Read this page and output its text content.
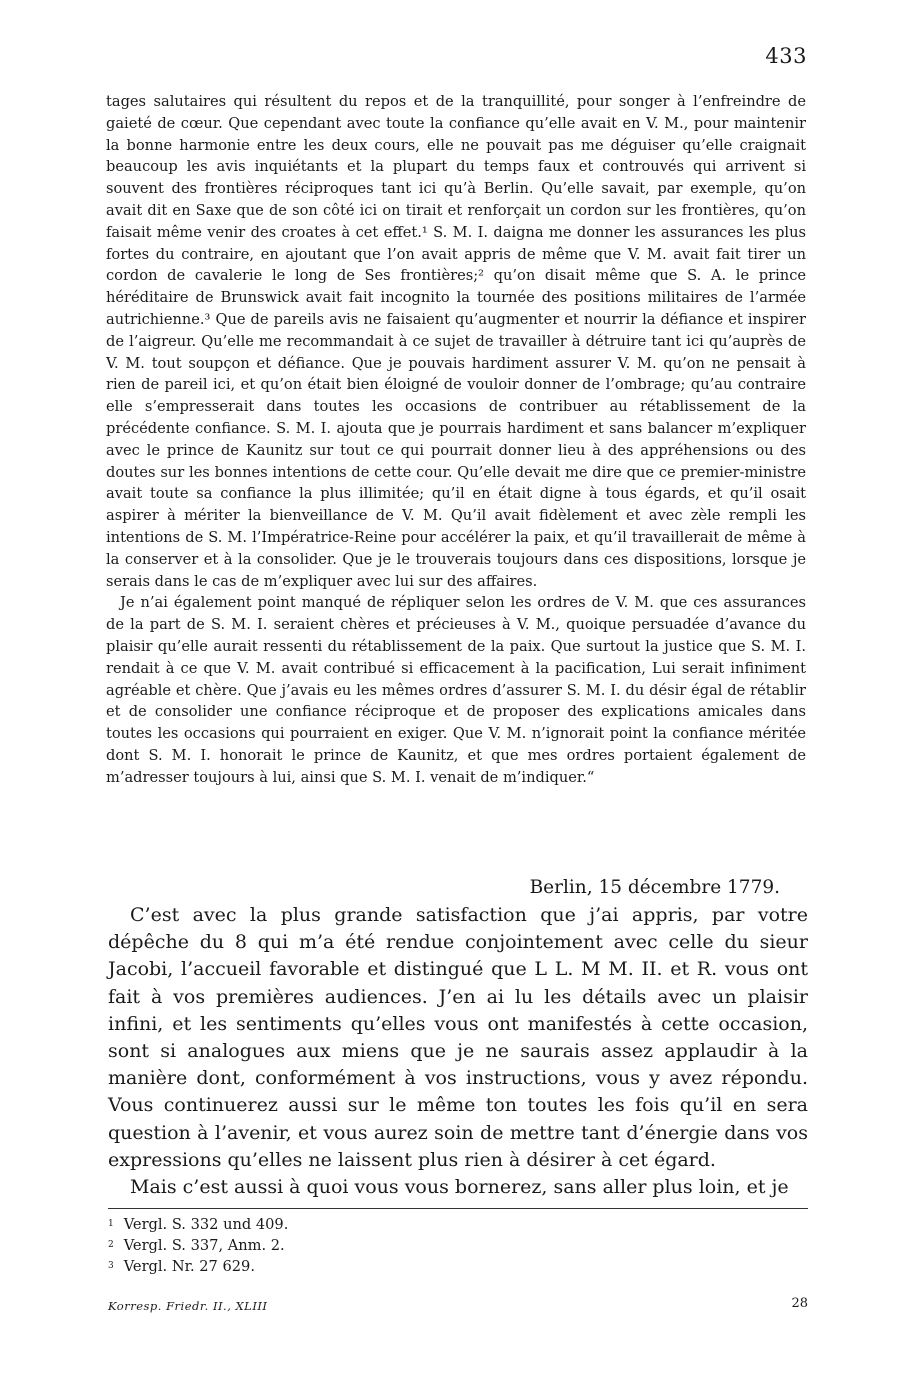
433

tages salutaires qui résultent du repos et de la tranquillité, pour songer à l’enfreindre de gaieté de cœur. Que cependant avec toute la confiance qu’elle avait en V. M., pour maintenir la bonne harmonie entre les deux cours, elle ne pouvait pas me déguiser qu’elle craignait beaucoup les avis inquiétants et la plupart du temps faux et controuvés qui arrivent si souvent des frontières réciproques tant ici qu’à Berlin. Qu’elle savait, par exemple, qu’on avait dit en Saxe que de son côté ici on tirait et renforçait un cordon sur les frontières, qu’on faisait même venir des croates à cet effet.¹ S. M. I. daigna me donner les assurances les plus fortes du contraire, en ajoutant que l’on avait appris de même que V. M. avait fait tirer un cordon de cavalerie le long de Ses frontières;² qu’on disait même que S. A. le prince héréditaire de Brunswick avait fait incognito la tournée des positions militaires de l’armée autrichienne.³ Que de pareils avis ne faisaient qu’augmenter et nourrir la défiance et inspirer de l’aigreur. Qu’elle me recommandait à ce sujet de travailler à détruire tant ici qu’auprès de V. M. tout soupçon et défiance. Que je pouvais hardiment assurer V. M. qu’on ne pensait à rien de pareil ici, et qu’on était bien éloigné de vouloir donner de l’ombrage; qu’au contraire elle s’empresserait dans toutes les occasions de contribuer au rétablissement de la précédente confiance. S. M. I. ajouta que je pourrais hardiment et sans balancer m’expliquer avec le prince de Kaunitz sur tout ce qui pourrait donner lieu à des appréhensions ou des doutes sur les bonnes intentions de cette cour. Qu’elle devait me dire que ce premier-ministre avait toute sa confiance la plus illimitée; qu’il en était digne à tous égards, et qu’il osait aspirer à mériter la bienveillance de V. M. Qu’il avait fidèlement et avec zèle rempli les intentions de S. M. l’Impératrice-Reine pour accélérer la paix, et qu’il travaillerait de même à la conserver et à la consolider. Que je le trouverais toujours dans ces dispositions, lorsque je serais dans le cas de m’expliquer avec lui sur des affaires.

Je n’ai également point manqué de répliquer selon les ordres de V. M. que ces assurances de la part de S. M. I. seraient chères et précieuses à V. M., quoique persuadée d’avance du plaisir qu’elle aurait ressenti du rétablissement de la paix. Que surtout la justice que S. M. I. rendait à ce que V. M. avait contribué si efficacement à la pacification, Lui serait infiniment agréable et chère. Que j’avais eu les mêmes ordres d’assurer S. M. I. du désir égal de rétablir et de consolider une confiance réciproque et de proposer des explications amicales dans toutes les occasions qui pourraient en exiger. Que V. M. n’ignorait point la confiance méritée dont S. M. I. honorait le prince de Kaunitz, et que mes ordres portaient également de m’adresser toujours à lui, ainsi que S. M. I. venait de m’indiquer.“

Berlin, 15 décembre 1779.

C’est avec la plus grande satisfaction que j’ai appris, par votre dépêche du 8 qui m’a été rendue conjointement avec celle du sieur Jacobi, l’accueil favorable et distingué que L L. M M. II. et R. vous ont fait à vos premières audiences. J’en ai lu les détails avec un plaisir infini, et les sentiments qu’elles vous ont manifestés à cette occasion, sont si analogues aux miens que je ne saurais assez applaudir à la manière dont, conformément à vos instructions, vous y avez répondu. Vous continuerez aussi sur le même ton toutes les fois qu’il en sera question à l’avenir, et vous aurez soin de mettre tant d’énergie dans vos expressions qu’elles ne laissent plus rien à désirer à cet égard.

Mais c’est aussi à quoi vous vous bornerez, sans aller plus loin, et je

$^1$ Vergl. S. 332 und 409.

$^2$ Vergl. S. 337, Anm. 2.

$^3$ Vergl. Nr. 27 629.

Korresp. Friedr. II., XLIII	28
